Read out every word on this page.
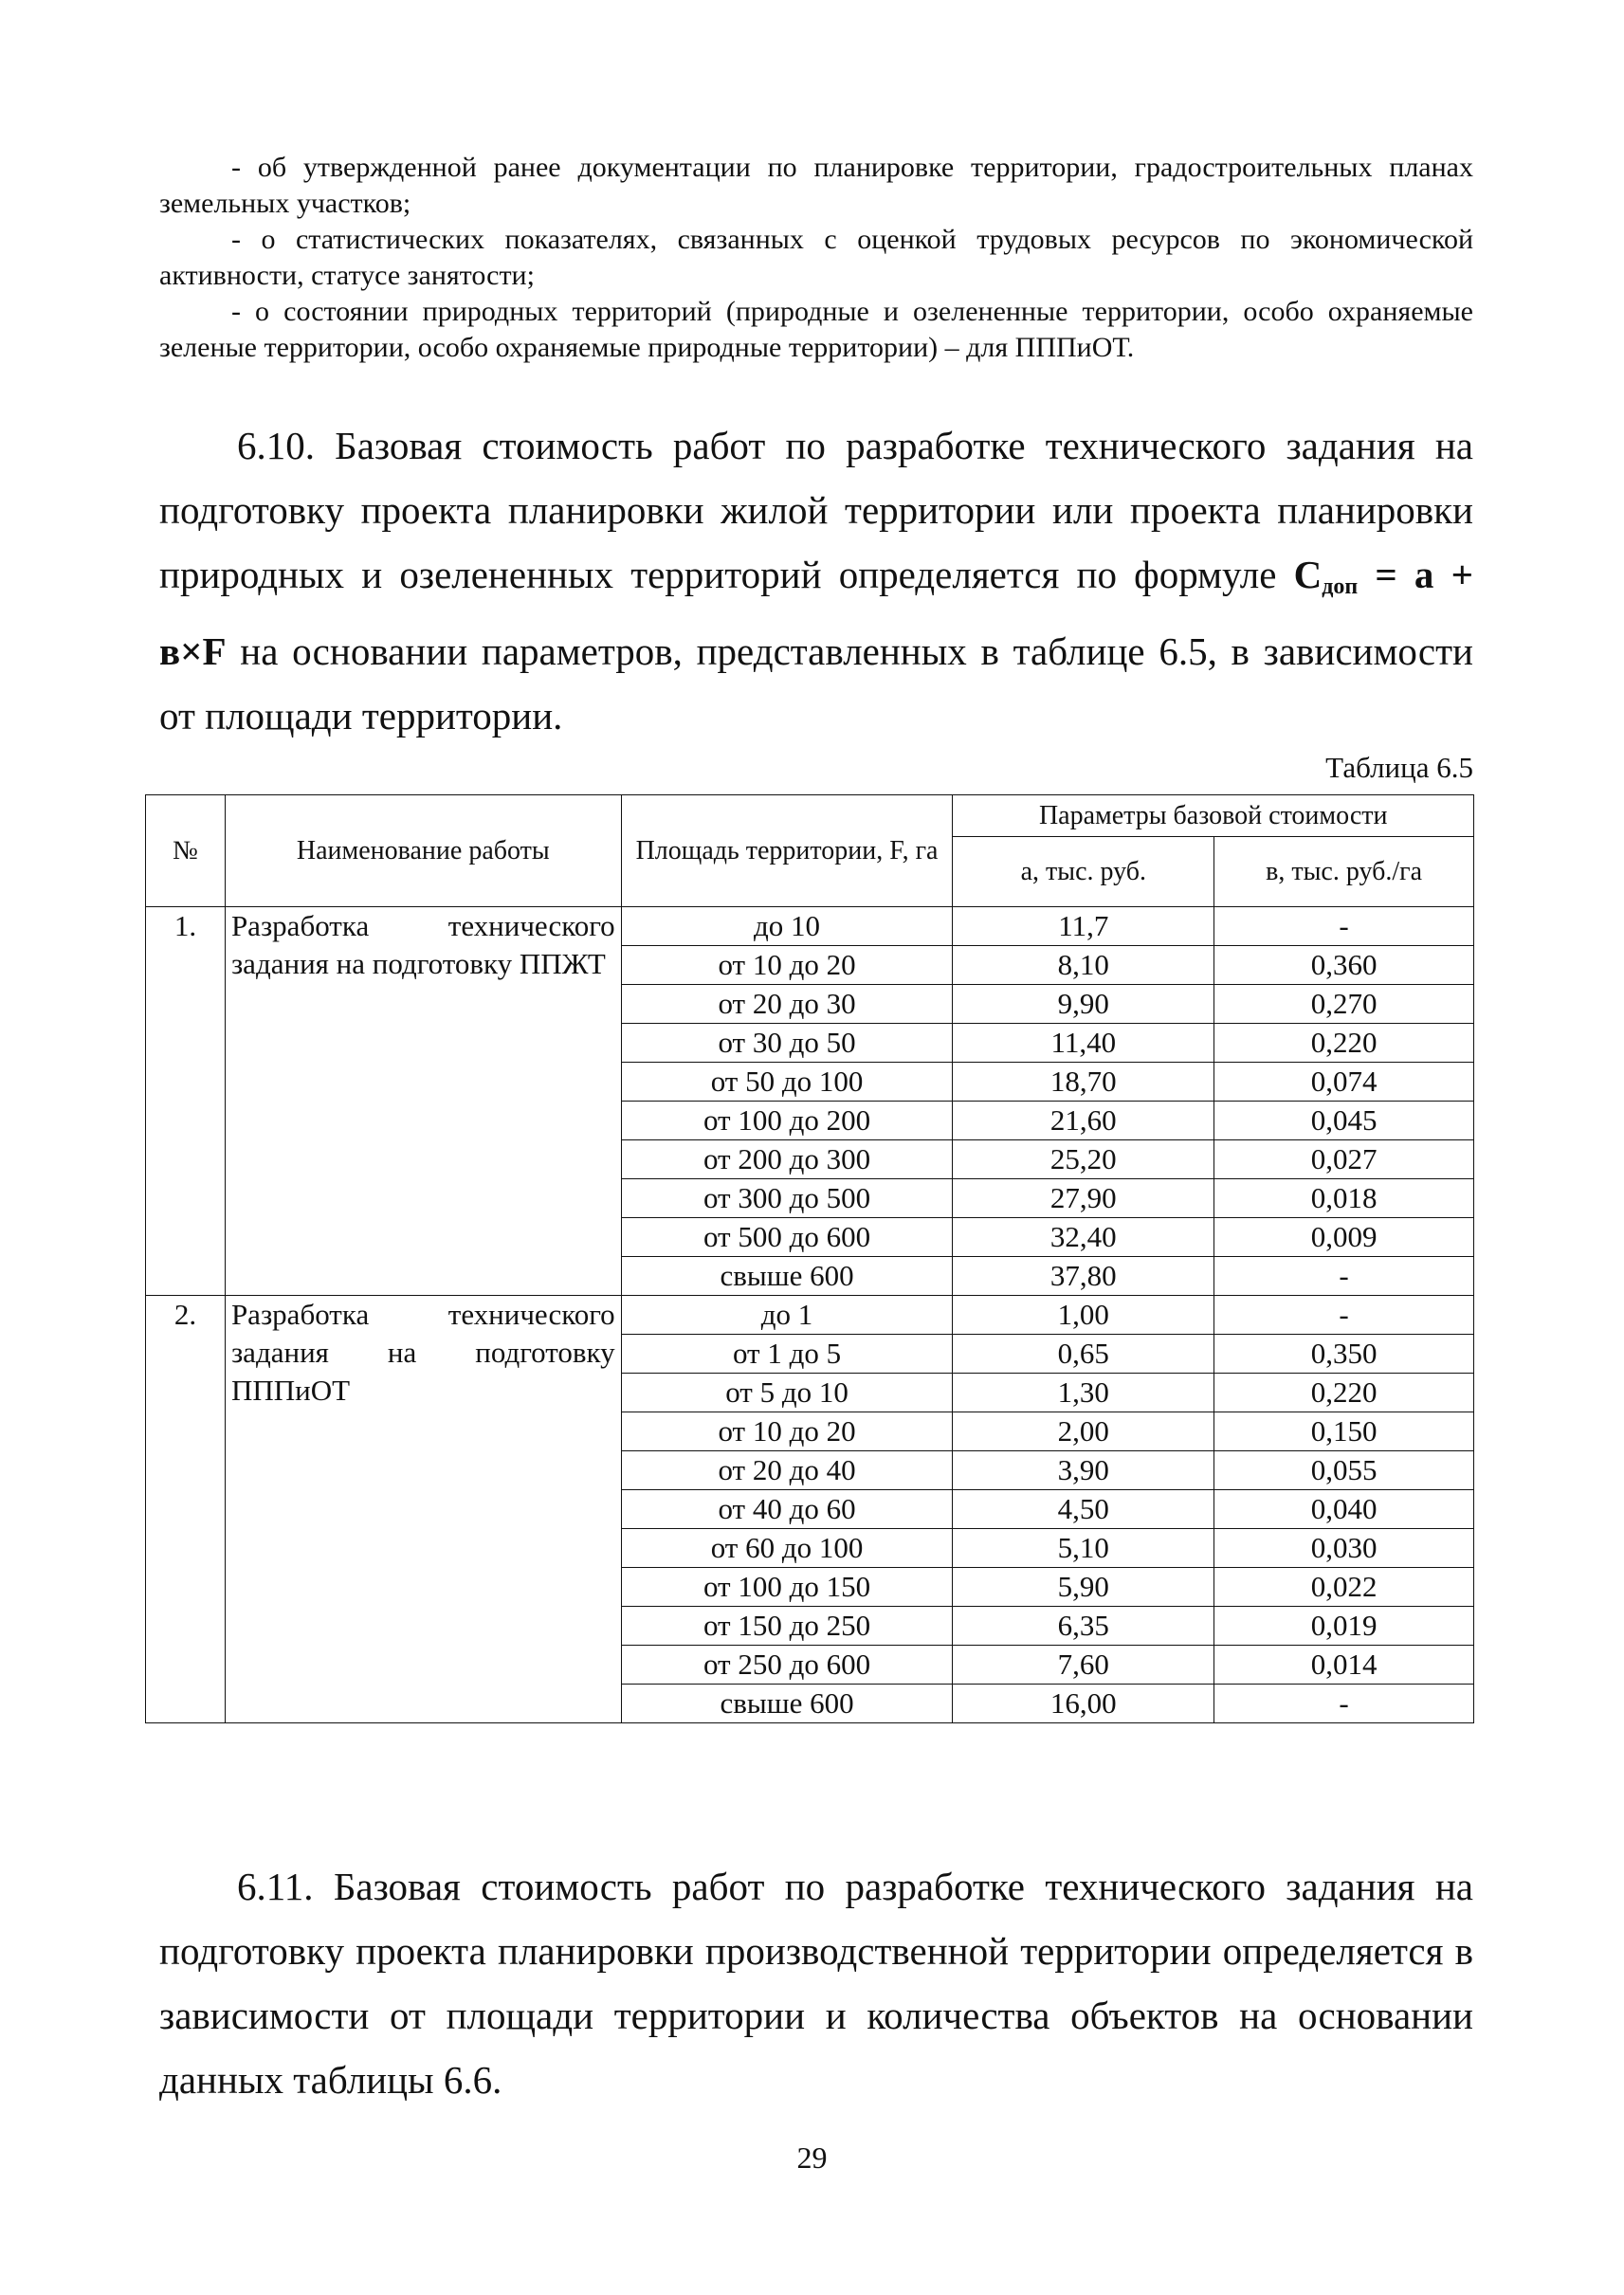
- об утвержденной ранее документации по планировке территории, градостроительных планах земельных участков;

- о статистических показателях, связанных с оценкой трудовых ресурсов по экономической активности, статусе занятости;

- о состоянии природных территорий (природные и озелененные территории, особо охраняемые зеленые территории, особо охраняемые природные территории) – для ПППиОТ.

6.10. Базовая стоимость работ по разработке технического задания на подготовку проекта планировки жилой территории или проекта планировки природных и озелененных территорий определяется по формуле $С_{доп} = а + в\times F$ на основании параметров, представленных в таблице 6.5, в зависимости от площади территории.

Таблица 6.5
№	Наименование работы	Площадь территории, F, га	Параметры базовой стоимости	
			а, тыс. руб.	в, тыс. руб./га
1.	Разработка технического задания на подготовку ППЖТ	до 10	11,7	-
		от 10 до 20	8,10	0,360
		от 20 до 30	9,90	0,270
		от 30 до 50	11,40	0,220
		от 50 до 100	18,70	0,074
		от 100 до 200	21,60	0,045
		от 200 до 300	25,20	0,027
		от 300 до 500	27,90	0,018
		от 500 до 600	32,40	0,009
		свыше 600	37,80	-
2.	Разработка технического задания на подготовку ПППиОТ	до 1	1,00	-
		от 1 до 5	0,65	0,350
		от 5 до 10	1,30	0,220
		от 10 до 20	2,00	0,150
		от 20 до 40	3,90	0,055
		от 40 до 60	4,50	0,040
		от 60 до 100	5,10	0,030
		от 100 до 150	5,90	0,022
		от 150 до 250	6,35	0,019
		от 250 до 600	7,60	0,014
		свыше 600	16,00	-

6.11. Базовая стоимость работ по разработке технического задания на подготовку проекта планировки производственной территории определяется в зависимости от площади территории и количества объектов на основании данных таблицы 6.6.

29
